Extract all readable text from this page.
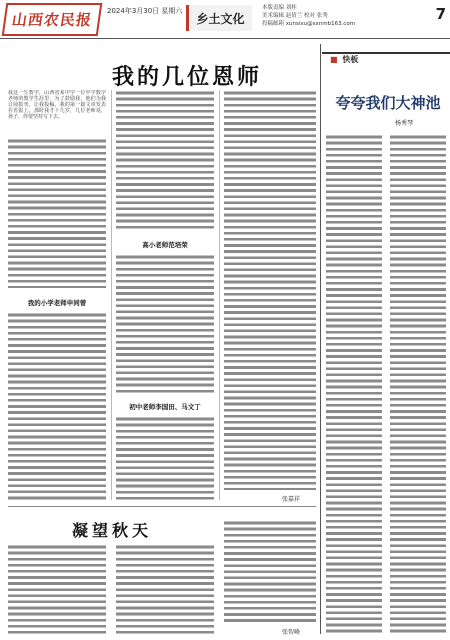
山西农民报	2024年3月30日 星期六
乡土文化
本版责编 刘桂
美术编辑 赵倩兰 校对 张秀
投稿邮箱 xunsixu@sxnmb163.com
7
我的几位恩师
我这一生教学，山西省某中学一位中学数学老师的教学生涯里，为了鼓励我，他们为我订阅报刊，让我投稿，我的第一篇文章发表在省报上。那时我才十几岁，几位老师说，孩子，你要坚持写下去。
我的小学老师申同曾
高小老师范培荣
初中老师李国田、马文丁
张嘉祥
凝望秋天
张智峰
■ 快板
夸夸我们大神池
杨秀琴
